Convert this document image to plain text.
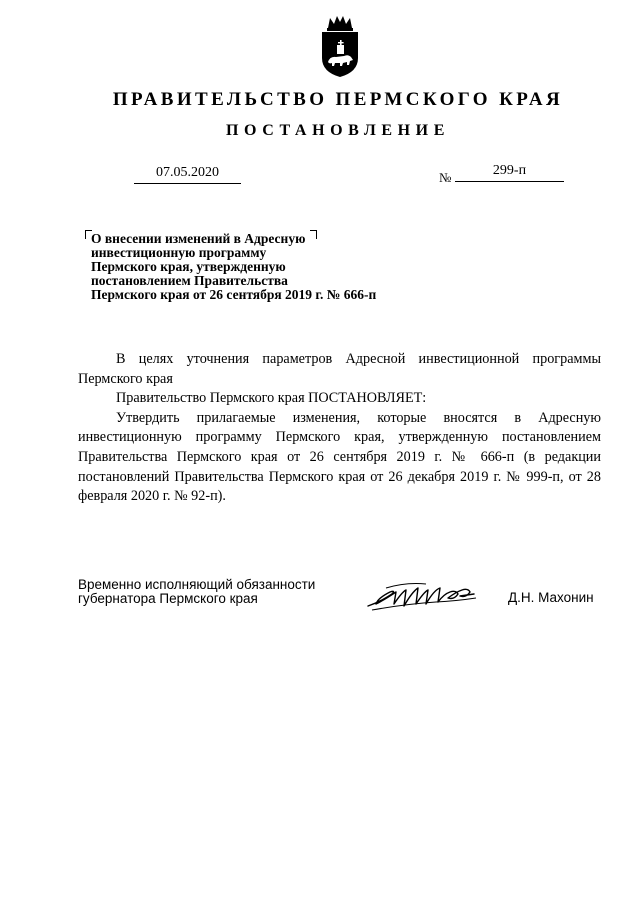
ПРАВИТЕЛЬСТВО ПЕРМСКОГО КРАЯ
ПОСТАНОВЛЕНИЕ
07.05.2020	№	299-п
О внесении изменений в Адресную
инвестиционную программу
Пермского края, утвержденную
постановлением Правительства
Пермского края от 26 сентября 2019 г. № 666-п

В целях уточнения параметров Адресной инвестиционной программы Пермского края

Правительство Пермского края ПОСТАНОВЛЯЕТ:

Утвердить прилагаемые изменения, которые вносятся в Адресную инвестиционную программу Пермского края, утвержденную постановлением Правительства Пермского края от 26 сентября 2019 г. № 666-п (в редакции постановлений Правительства Пермского края от 26 декабря 2019 г. № 999-п, от 28 февраля 2020 г. № 92-п).

Временно исполняющий обязанности
губернатора Пермского края	Д.Н. Махонин
